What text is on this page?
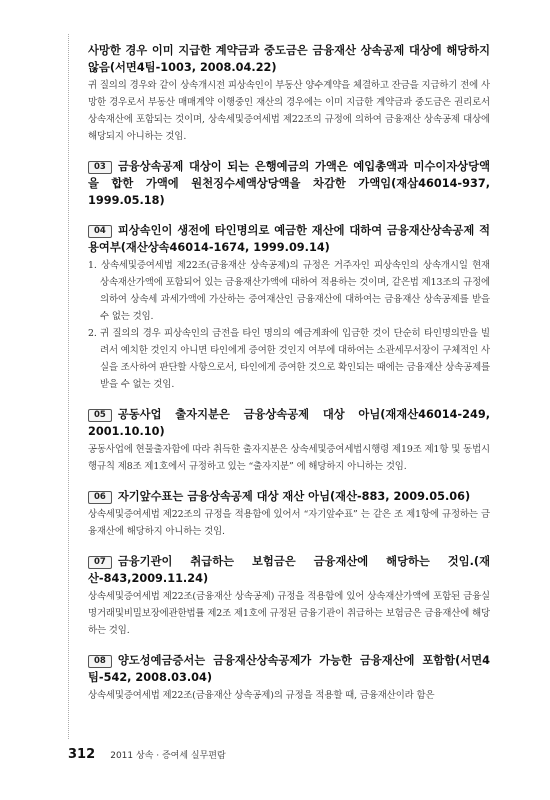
사망한 경우 이미 지급한 계약금과 중도금은 금융재산 상속공제 대상에 해당하지 않음(서면4팀-1003, 2008.04.22)

귀 질의의 경우와 같이 상속개시전 피상속인이 부동산 양수계약을 체결하고 잔금을 지급하기 전에 사망한 경우로서 부동산 매매계약 이행중인 재산의 경우에는 이미 지급한 계약금과 중도금은 권리로서 상속재산에 포함되는 것이며, 상속세및증여세법 제22조의 규정에 의하여 금융재산 상속공제 대상에 해당되지 아니하는 것임.

03 금융상속공제 대상이 되는 은행예금의 가액은 예입총액과 미수이자상당액을 합한 가액에 원천징수세액상당액을 차감한 가액임(재삼46014-937, 1999.05.18)

04 피상속인이 생전에 타인명의로 예금한 재산에 대하여 금융재산상속공제 적용여부(재산상속46014-1674, 1999.09.14)

1. 상속세및증여세법 제22조(금융재산 상속공제)의 규정은 거주자인 피상속인의 상속개시일 현재 상속재산가액에 포함되어 있는 금융재산가액에 대하여 적용하는 것이며, 같은법 제13조의 규정에 의하여 상속세 과세가액에 가산하는 증여재산인 금융재산에 대하여는 금융재산 상속공제를 받을 수 없는 것임.
2. 귀 질의의 경우 피상속인의 금전을 타인 명의의 예금계좌에 입금한 것이 단순히 타인명의만을 빌려서 예치한 것인지 아니면 타인에게 증여한 것인지 여부에 대하여는 소관세무서장이 구체적인 사실을 조사하여 판단할 사항으로서, 타인에게 증여한 것으로 확인되는 때에는 금융재산 상속공제를 받을 수 없는 것임.

05 공동사업 출자지분은 금융상속공제 대상 아님(재재산46014-249, 2001.10.10)

공동사업에 현물출자함에 따라 취득한 출자지분은 상속세및증여세법시행령 제19조 제1항 및 동법시행규칙 제8조 제1호에서 규정하고 있는 “출자지분” 에 해당하지 아니하는 것임.

06 자기앞수표는 금융상속공제 대상 재산 아님(재산-883, 2009.05.06)

상속세및증여세법 제22조의 규정을 적용함에 있어서 “자기앞수표” 는 같은 조 제1항에 규정하는 금융재산에 해당하지 아니하는 것임.

07 금융기관이 취급하는 보험금은 금융재산에 해당하는 것임.(재산-843,2009.11.24)

상속세및증여세법 제22조(금융재산 상속공제) 규정을 적용함에 있어 상속재산가액에 포함된 금융실명거래및비밀보장에관한법률 제2조 제1호에 규정된 금융기관이 취급하는 보험금은 금융재산에 해당하는 것임.

08 양도성예금증서는 금융재산상속공제가 가능한 금융재산에 포함함(서면4팀-542, 2008.03.04)

상속세및증여세법 제22조(금융재산 상속공제)의 규정을 적용할 때, 금융재산이라 함은

312 2011 상속 · 증여세 실무편람
